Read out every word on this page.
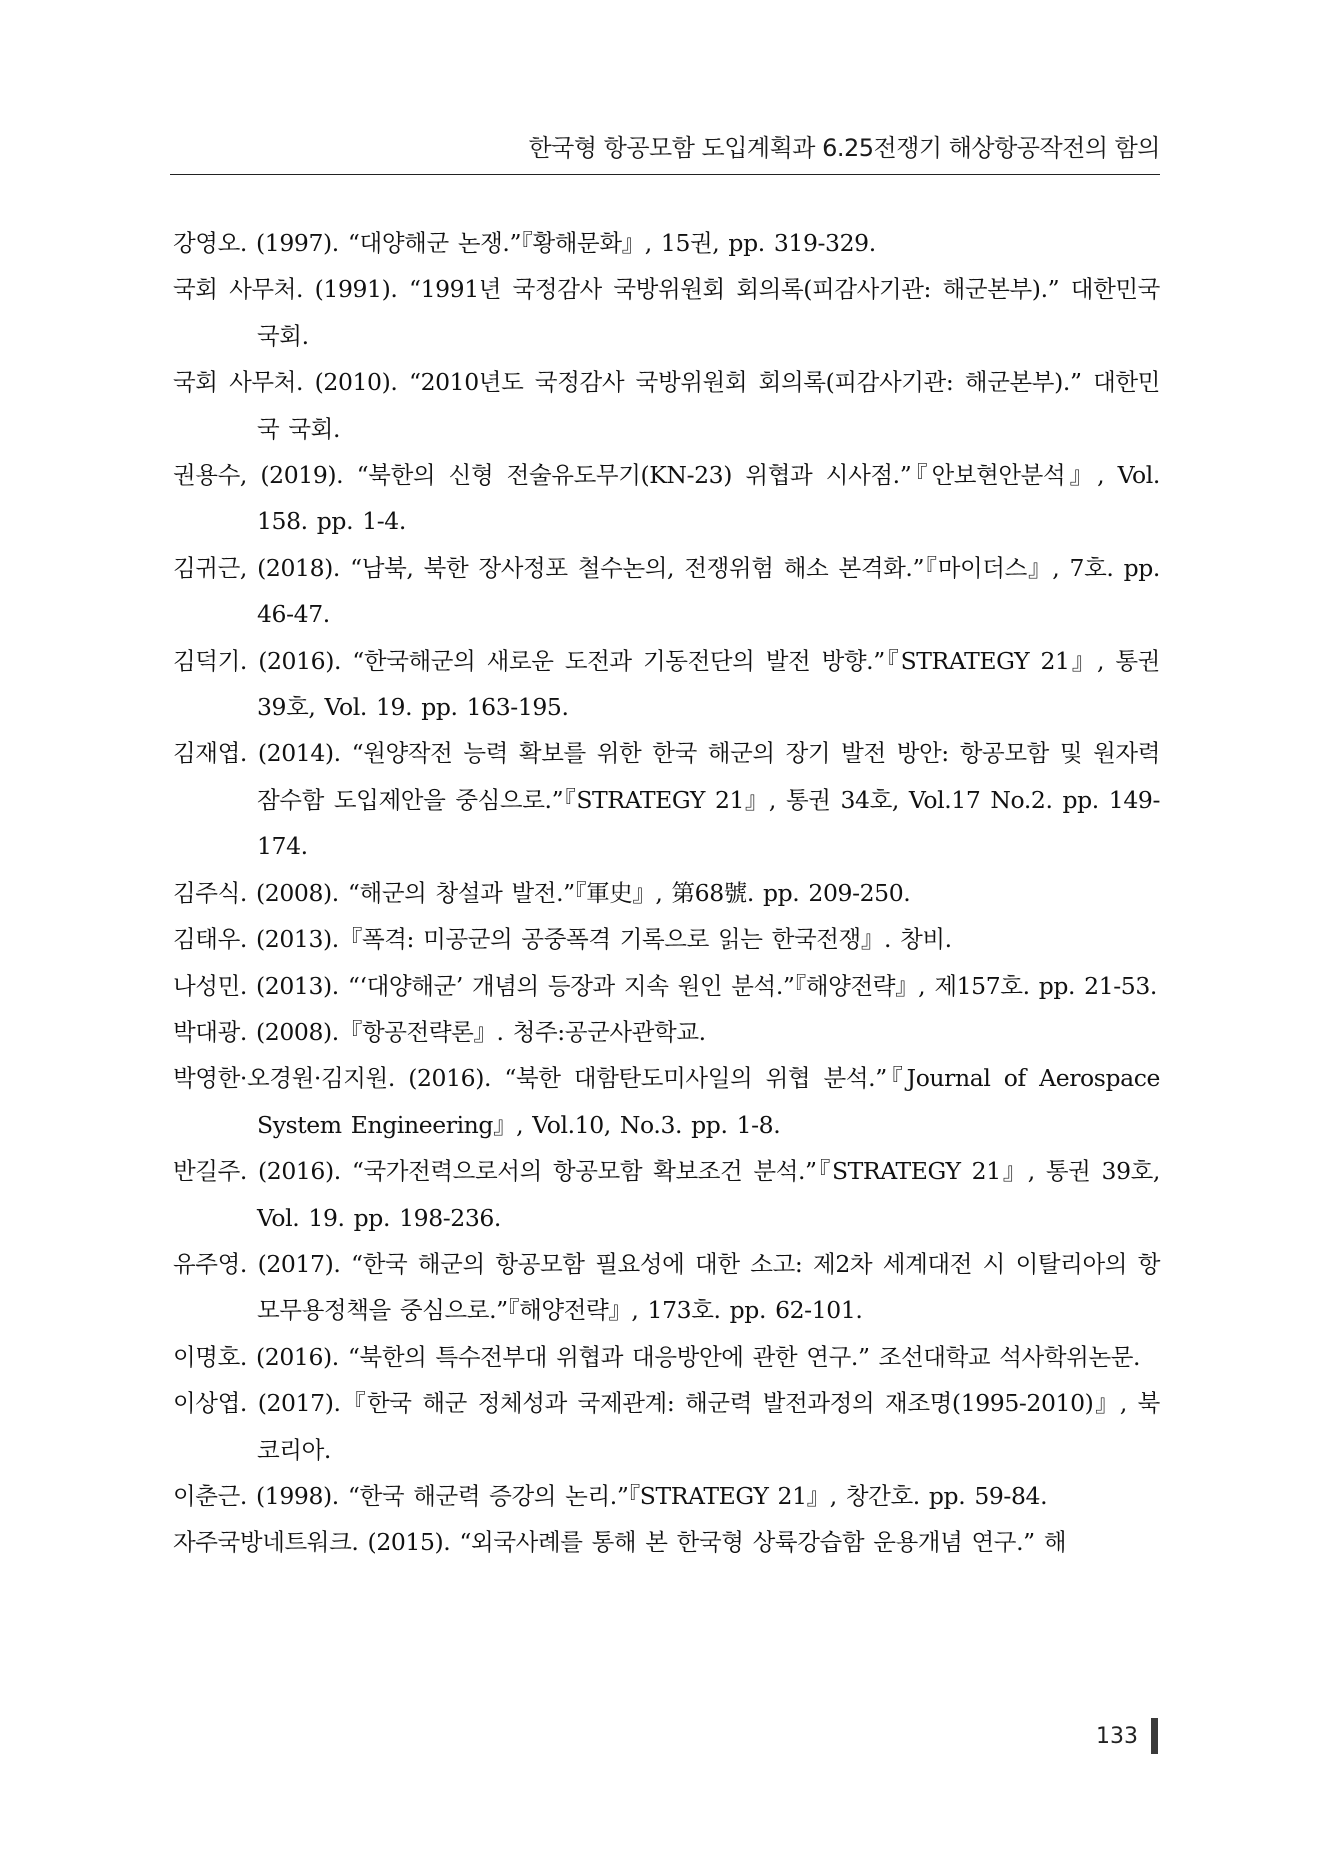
한국형 항공모함 도입계획과 6.25전쟁기 해상항공작전의 함의
강영오. (1997). “대양해군 논쟁.”『황해문화』, 15권, pp. 319-329.
국회 사무처. (1991). “1991년 국정감사 국방위원회 회의록(피감사기관: 해군본부).” 대한민국 국회.
국회 사무처. (2010). “2010년도 국정감사 국방위원회 회의록(피감사기관: 해군본부).” 대한민국 국회.
권용수, (2019). “북한의 신형 전술유도무기(KN-23) 위협과 시사점.”『안보현안분석』, Vol. 158. pp. 1-4.
김귀근, (2018). “남북, 북한 장사정포 철수논의, 전쟁위험 해소 본격화.”『마이더스』, 7호. pp. 46-47.
김덕기. (2016). “한국해군의 새로운 도전과 기동전단의 발전 방향.”『STRATEGY 21』, 통권 39호, Vol. 19. pp. 163-195.
김재엽. (2014). “원양작전 능력 확보를 위한 한국 해군의 장기 발전 방안: 항공모함 및 원자력 잠수함 도입제안을 중심으로.”『STRATEGY 21』, 통권 34호, Vol.17 No.2. pp. 149-174.
김주식. (2008). “해군의 창설과 발전.”『軍史』, 第68號. pp. 209-250.
김태우. (2013).『폭격: 미공군의 공중폭격 기록으로 읽는 한국전쟁』. 창비.
나성민. (2013). “‘대양해군’ 개념의 등장과 지속 원인 분석.”『해양전략』, 제157호. pp. 21-53.
박대광. (2008).『항공전략론』. 청주:공군사관학교.
박영한·오경원·김지원. (2016). “북한 대함탄도미사일의 위협 분석.”『Journal of Aerospace System Engineering』, Vol.10, No.3. pp. 1-8.
반길주. (2016). “국가전력으로서의 항공모함 확보조건 분석.”『STRATEGY 21』, 통권 39호, Vol. 19. pp. 198-236.
유주영. (2017). “한국 해군의 항공모함 필요성에 대한 소고: 제2차 세계대전 시 이탈리아의 항모무용정책을 중심으로.”『해양전략』, 173호. pp. 62-101.
이명호. (2016). “북한의 특수전부대 위협과 대응방안에 관한 연구.” 조선대학교 석사학위논문.
이상엽. (2017).『한국 해군 정체성과 국제관계: 해군력 발전과정의 재조명(1995-2010)』, 북코리아.
이춘근. (1998). “한국 해군력 증강의 논리.”『STRATEGY 21』, 창간호. pp. 59-84.
자주국방네트워크. (2015). “외국사례를 통해 본 한국형 상륙강습함 운용개념 연구.” 해
133
